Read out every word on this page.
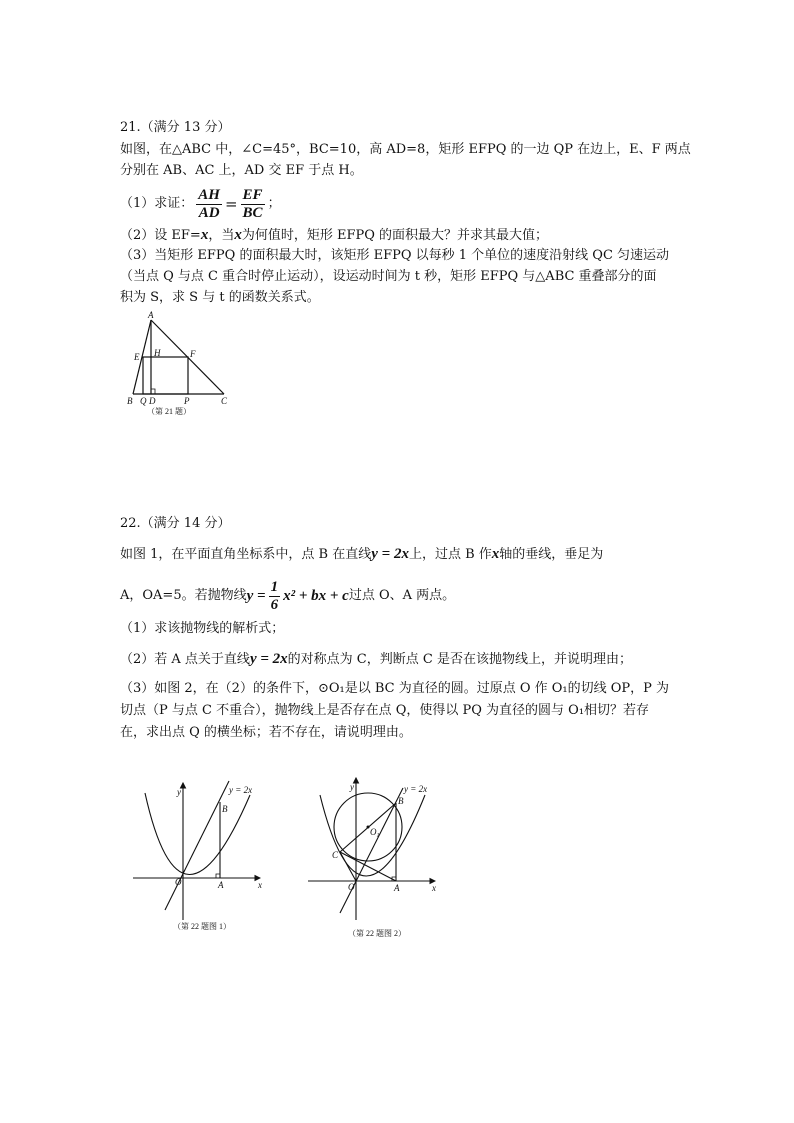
21.（满分 13 分）
如图，在△ABC 中，∠C=45°，BC=10，高 AD=8，矩形 EFPQ 的一边 QP 在边上，E、F 两点
分别在 AB、AC 上，AD 交 EF 于点 H。
（1）求证： $\frac{AH}{AD} = \frac{EF}{BC}$ ；
（2）设 EF=x，当x为何值时，矩形 EFPQ 的面积最大？并求其最大值；
（3）当矩形 EFPQ 的面积最大时，该矩形 EFPQ 以每秒 1 个单位的速度沿射线 QC 匀速运动
（当点 Q 与点 C 重合时停止运动），设运动时间为 t 秒，矩形 EFPQ 与△ABC 重叠部分的面
积为 S，求 S 与 t 的函数关系式。
A
E H	F
B Q D	P	C
（第 21 题）
22.（满分 14 分）
如图 1，在平面直角坐标系中，点 B 在直线y = 2x上，过点 B 作x轴的垂线，垂足为
A，OA=5。若抛物线 $y = \frac{1}{6} x^2$ + bx + c 过点 O、A 两点。
（1）求该抛物线的解析式；
（2）若 A 点关于直线y = 2x的对称点为 C，判断点 C 是否在该抛物线上，并说明理由；
（3）如图 2，在（2）的条件下，⊙O₁是以 BC 为直径的圆。过原点 O 作 O₁的切线 OP，P 为
切点（P 与点 C 不重合），抛物线上是否存在点 Q，使得以 PQ 为直径的圆与 O₁相切？若存
在，求出点 Q 的横坐标；若不存在，请说明理由。
y
x
O	A
B
y = 2x
（第 22 题图 1）
y
x
O	A
B
C
$O_1$
y = 2x
（第 22 题图 2）
